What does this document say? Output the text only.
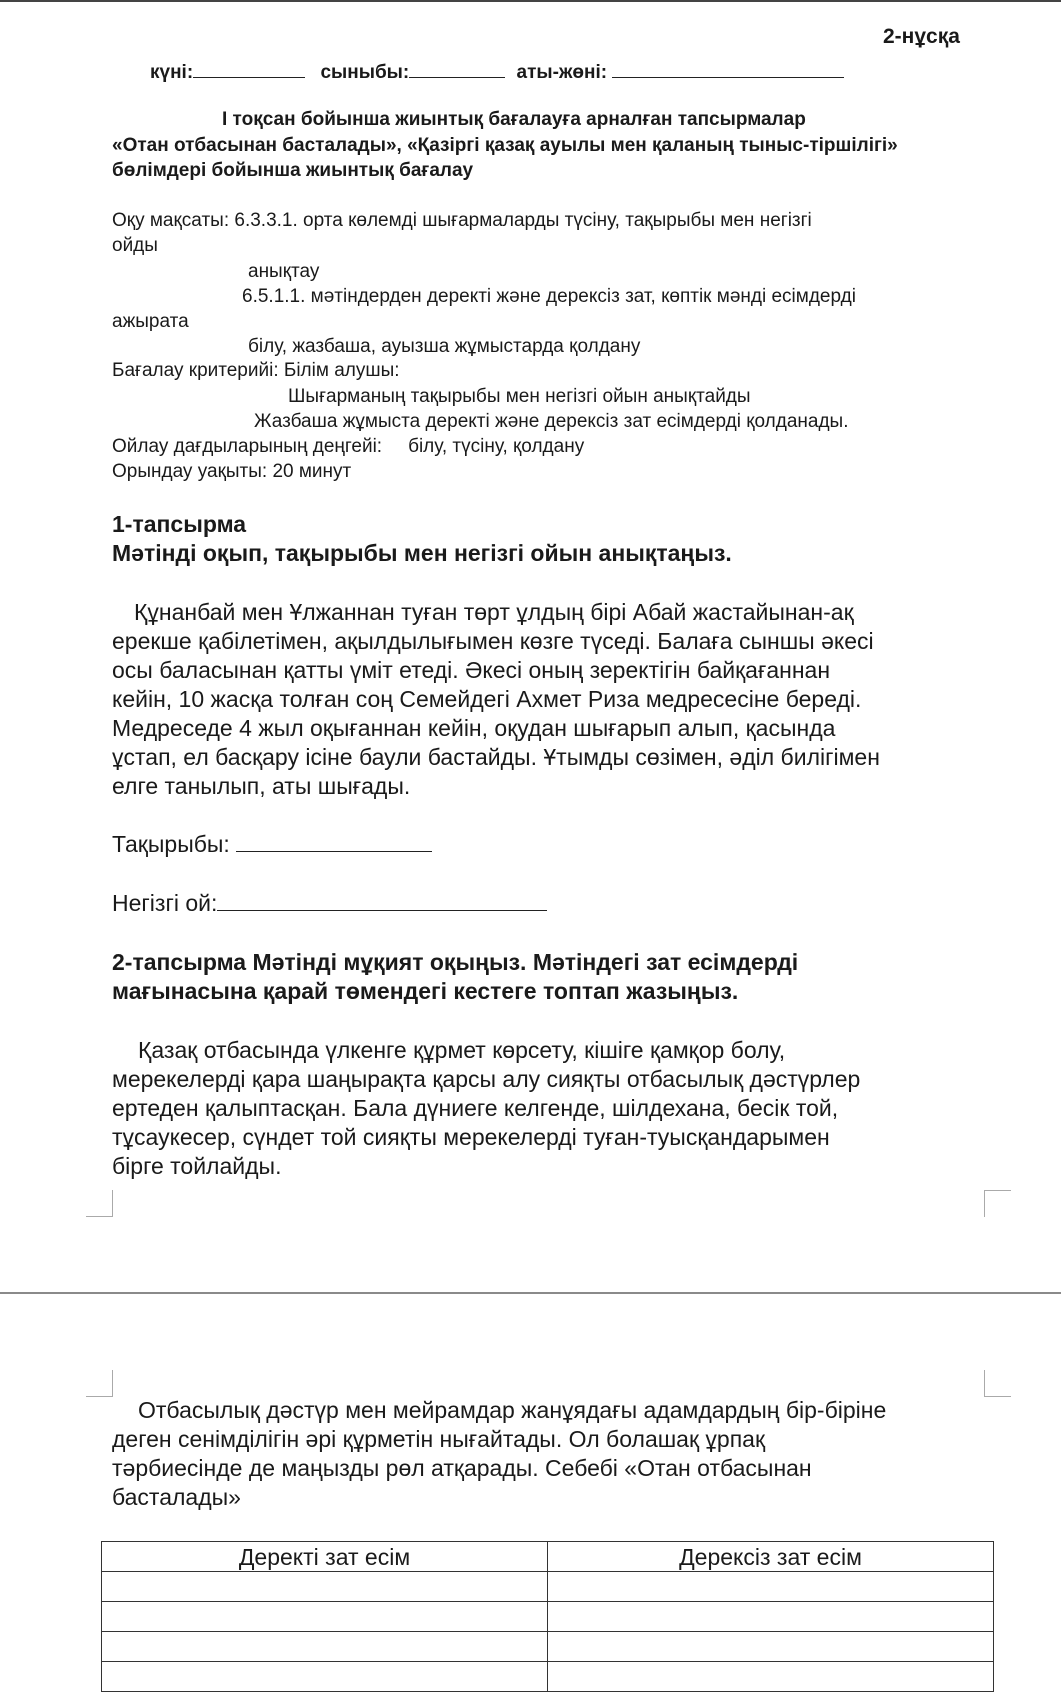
2-нұсқа
күні:	сыныбы:	аты-жөні:
І тоқсан бойынша жиынтық бағалауға арналған тапсырмалар
«Отан отбасынан басталады», «Қазіргі қазақ ауылы мен қаланың тыныс-тіршілігі»
бөлімдері бойынша жиынтық бағалау
Оқу мақсаты: 6.3.3.1. орта көлемді шығармаларды түсіну, тақырыбы мен негізгі
ойды
анықтау
6.5.1.1. мәтіндерден деректі және дерексіз зат, көптік мәнді есімдерді
ажырата
білу, жазбаша, ауызша жұмыстарда қолдану
Бағалау критерийі: Білім алушы:
Шығарманың тақырыбы мен негізгі ойын анықтайды
Жазбаша жұмыста деректі және дерексіз зат есімдерді қолданады.
Ойлау дағдыларының деңгейі: білу, түсіну, қолдану
Орындау уақыты: 20 минут
1-тапсырма
Мәтінді оқып, тақырыбы мен негізгі ойын анықтаңыз.
Құнанбай мен Ұлжаннан туған төрт ұлдың бірі Абай жастайынан-ақ
ерекше қабілетімен, ақылдылығымен көзге түседі. Балаға сыншы әкесі
осы баласынан қатты үміт етеді. Әкесі оның зеректігін байқағаннан
кейін, 10 жасқа толған соң Семейдегі Ахмет Риза медресесіне береді.
Медреседе 4 жыл оқығаннан кейін, оқудан шығарып алып, қасында
ұстап, ел басқару ісіне баули бастайды. Ұтымды сөзімен, әділ билігімен
елге танылып, аты шығады.
Тақырыбы:
Негізгі ой:
2-тапсырма Мәтінді мұқият оқыңыз. Мәтіндегі зат есімдерді
мағынасына қарай төмендегі кестеге топтап жазыңыз.
Қазақ отбасында үлкенге құрмет көрсету, кішіге қамқор болу,
мерекелерді қара шаңырақта қарсы алу сияқты отбасылық дәстүрлер
ертеден қалыптасқан. Бала дүниеге келгенде, шілдехана, бесік той,
тұсаукесер, сүндет той сияқты мерекелерді туған-туысқандарымен
бірге тойлайды.
Отбасылық дәстүр мен мейрамдар жанұядағы адамдардың бір-біріне
деген сенімділігін әрі құрметін нығайтады. Ол болашақ ұрпақ
тәрбиесінде де маңызды рөл атқарады. Себебі «Отан отбасынан
басталады»
Деректі зат есім	Дерексіз зат есім
